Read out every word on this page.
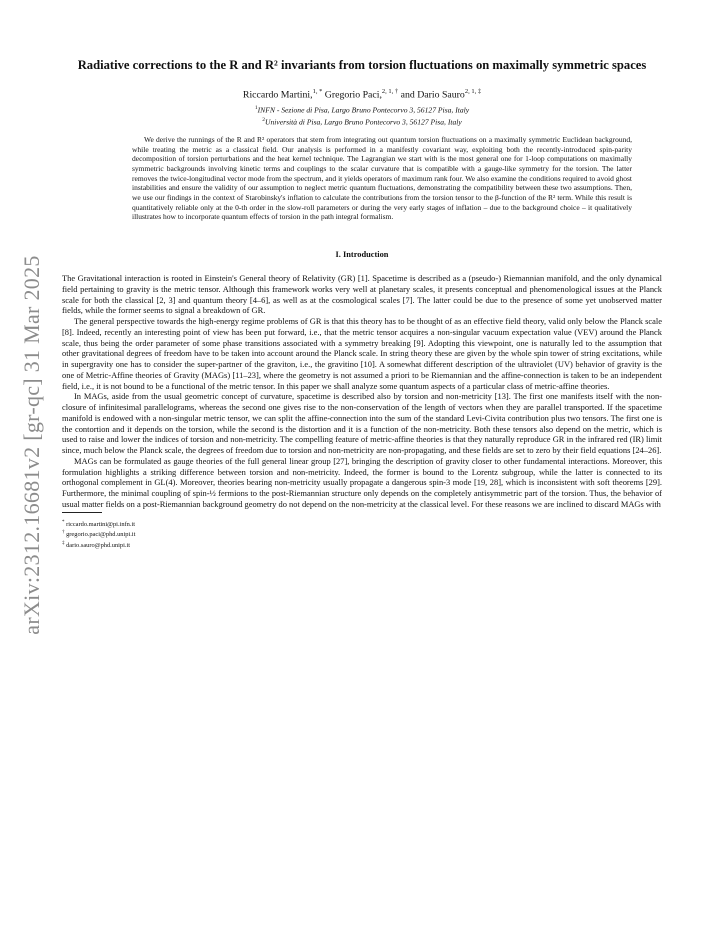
arXiv:2312.16681v2 [gr-qc] 31 Mar 2025
Radiative corrections to the R and R² invariants from torsion fluctuations on maximally symmetric spaces
Riccardo Martini,$^{1, *}$ Gregorio Paci,$^{2, 1, \dagger}$ and Dario Sauro$^{2, 1, \ddagger}$
$^1$INFN - Sezione di Pisa, Largo Bruno Pontecorvo 3, 56127 Pisa, Italy
$^2$Università di Pisa, Largo Bruno Pontecorvo 3, 56127 Pisa, Italy
We derive the runnings of the R and R² operators that stem from integrating out quantum torsion fluctuations on a maximally symmetric Euclidean background, while treating the metric as a classical field. Our analysis is performed in a manifestly covariant way, exploiting both the recently-introduced spin-parity decomposition of torsion perturbations and the heat kernel technique. The Lagrangian we start with is the most general one for 1-loop computations on maximally symmetric backgrounds involving kinetic terms and couplings to the scalar curvature that is compatible with a gauge-like symmetry for the torsion. The latter removes the twice-longitudinal vector mode from the spectrum, and it yields operators of maximum rank four. We also examine the conditions required to avoid ghost instabilities and ensure the validity of our assumption to neglect metric quantum fluctuations, demonstrating the compatibility between these two assumptions. Then, we use our findings in the context of Starobinsky's inflation to calculate the contributions from the torsion tensor to the β-function of the R² term. While this result is quantitatively reliable only at the 0-th order in the slow-roll parameters or during the very early stages of inflation – due to the background choice – it qualitatively illustrates how to incorporate quantum effects of torsion in the path integral formalism.
I. Introduction

The Gravitational interaction is rooted in Einstein's General theory of Relativity (GR) [1]. Spacetime is described as a (pseudo-) Riemannian manifold, and the only dynamical field pertaining to gravity is the metric tensor. Although this framework works very well at planetary scales, it presents conceptual and phenomenological issues at the Planck scale for both the classical [2, 3] and quantum theory [4–6], as well as at the cosmological scales [7]. The latter could be due to the presence of some yet unobserved matter fields, while the former seems to signal a breakdown of GR.

The general perspective towards the high-energy regime problems of GR is that this theory has to be thought of as an effective field theory, valid only below the Planck scale [8]. Indeed, recently an interesting point of view has been put forward, i.e., that the metric tensor acquires a non-singular vacuum expectation value (VEV) around the Planck scale, thus being the order parameter of some phase transitions associated with a symmetry breaking [9]. Adopting this viewpoint, one is naturally led to the assumption that other gravitational degrees of freedom have to be taken into account around the Planck scale. In string theory these are given by the whole spin tower of string excitations, while in supergravity one has to consider the super-partner of the graviton, i.e., the gravitino [10]. A somewhat different description of the ultraviolet (UV) behavior of gravity is the one of Metric-Affine theories of Gravity (MAGs) [11–23], where the geometry is not assumed a priori to be Riemannian and the affine-connection is taken to be an independent field, i.e., it is not bound to be a functional of the metric tensor. In this paper we shall analyze some quantum aspects of a particular class of metric-affine theories.

In MAGs, aside from the usual geometric concept of curvature, spacetime is described also by torsion and non-metricity [13]. The first one manifests itself with the non-closure of infinitesimal parallelograms, whereas the second one gives rise to the non-conservation of the length of vectors when they are parallel transported. If the spacetime manifold is endowed with a non-singular metric tensor, we can split the affine-connection into the sum of the standard Levi-Civita contribution plus two tensors. The first one is the contortion and it depends on the torsion, while the second is the distortion and it is a function of the non-metricity. Both these tensors also depend on the metric, which is used to raise and lower the indices of torsion and non-metricity. The compelling feature of metric-affine theories is that they naturally reproduce GR in the infrared red (IR) limit since, much below the Planck scale, the degrees of freedom due to torsion and non-metricity are non-propagating, and these fields are set to zero by their field equations [24–26].

MAGs can be formulated as gauge theories of the full general linear group [27], bringing the description of gravity closer to other fundamental interactions. Moreover, this formulation highlights a striking difference between torsion and non-metricity. Indeed, the former is bound to the Lorentz subgroup, while the latter is connected to its orthogonal complement in GL(4). Moreover, theories bearing non-metricity usually propagate a dangerous spin-3 mode [19, 28], which is inconsistent with soft theorems [29]. Furthermore, the minimal coupling of spin-½ fermions to the post-Riemannian structure only depends on the completely antisymmetric part of the torsion. Thus, the behavior of usual matter fields on a post-Riemannian background geometry do not depend on the non-metricity at the classical level. For these reasons we are inclined to discard MAGs with

* riccardo.martini@pi.infn.it
† gregorio.paci@phd.unipi.it
‡ dario.sauro@phd.unipi.it
